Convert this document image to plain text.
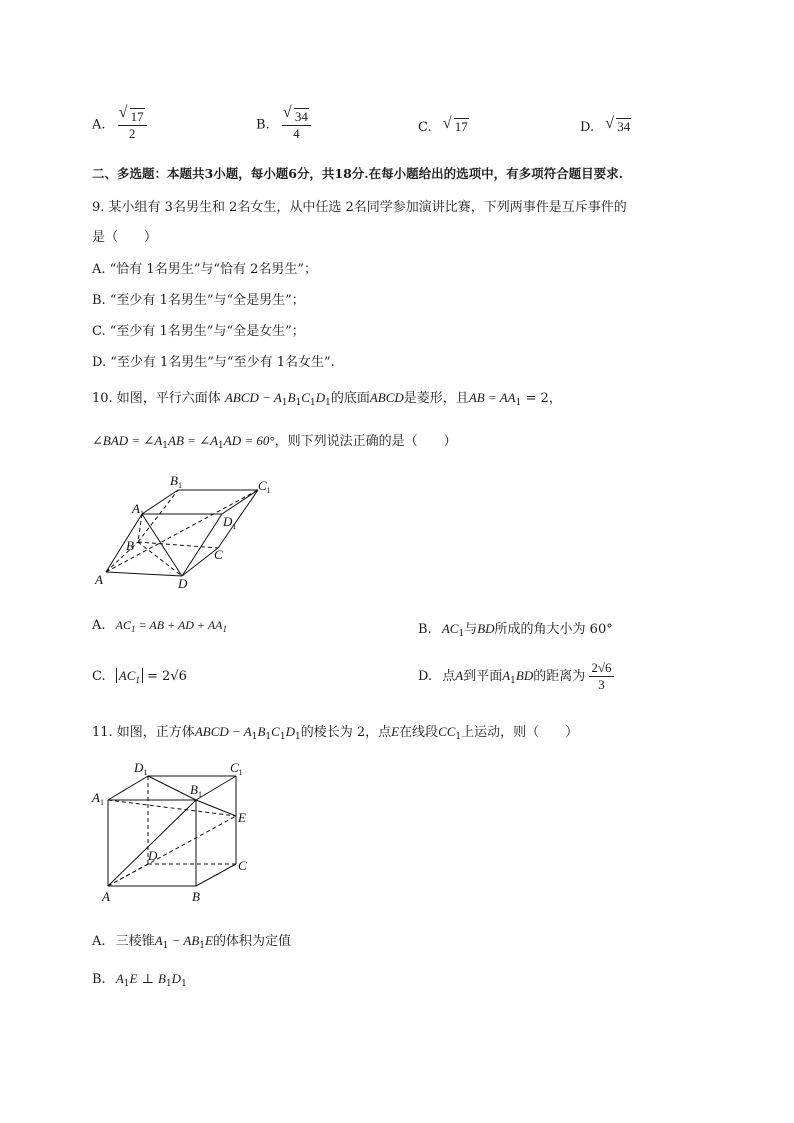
A. √ $\frac{17}{2}$	B. √ $\frac{34}{4}$	C. √ 17	D. √ 34
二、多选题：本题共3小题，每小题6分，共18分.在每小题给出的选项中，有多项符合题目要求.
9. 某小组有 3名男生和 2名女生，从中任选 2名同学参加演讲比赛，下列两事件是互斥事件的
是（　　）
A. “恰有 1名男生”与“恰有 2名男生”；
B. “至少有 1名男生”与“全是男生”；
C. “至少有 1名男生”与“全是女生”；
D. “至少有 1名男生”与“至少有 1名女生”.
10. 如图，平行六面体 ABCD − $A_1B_1C_1D_1$的底面ABCD是菱形，且AB = $AA_1 = 2$，
∠BAD = $\angle A_1AB$ = $\angle A_1AD = 60^\circ$，则下列说法正确的是（　　）
A
B
C
D
$A_1$
$B_1$	$C_1$
$D_1$
A. $AC_1$ = AB + AD + $AA_1$	B. $AC_1$与BD所成的角大小为 60°
C. $AC_1 = 2√6$	D. 点A到平面$A_1BD$的距离为 $\frac{2√6}{3}$
11. 如图，正方体ABCD − $A_1B_1C_1D_1$的棱长为 2，点E在线段$CC_1$上运动，则（　　）
A	B
C
D
E
$A_1$
$B_1$
$C_1$
$D_1$
A. 三棱锥$A_1 - AB_1E$的体积为定值
B. $A_1E$ ⊥ $B_1D_1$
